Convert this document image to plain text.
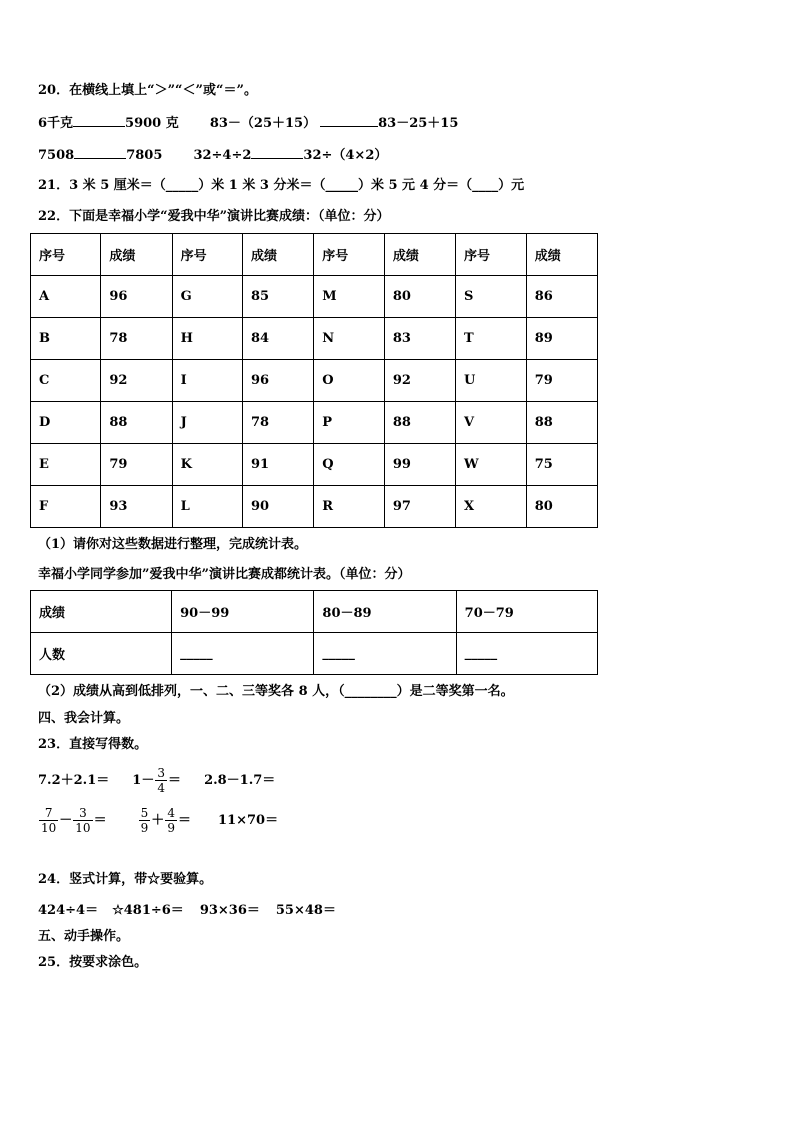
20．在横线上填上“＞”“＜”或“＝”。
6千克	5900 克 83－（25＋15）	83－25＋15
7508	7805 32÷4÷2	32÷（4×2）
21．3 米 5 厘米＝（_____）米 1 米 3 分米＝（_____）米 5 元 4 分＝（____）元
22．下面是幸福小学“爱我中华”演讲比赛成绩：（单位：分）
序号	成绩	序号	成绩	序号	成绩	序号	成绩
A	96	G	85	M	80	S	86
B	78	H	84	N	83	T	89
C	92	I	96	O	92	U	79
D	88	J	78	P	88	V	88
E	79	K	91	Q	99	W	75
F	93	L	90	R	97	X	80
（1）请你对这些数据进行整理，完成统计表。
幸福小学同学参加”爱我中华”演讲比赛成都统计表。（单位：分）
成绩	90－99	80－89	70－79
人数	_____	_____	_____
（2）成绩从高到低排列，一、二、三等奖各 8 人，（________）是二等奖第一名。
四、我会计算。
23．直接写得数。
$7.2+2.1= 1- \frac{3}{4} = 2.8-1.7=$
$\frac{7}{10} - \frac{3}{10}$ ＝	$\frac{5}{9} + \frac{4}{9} = 11\times 70=$
24．竖式计算，带☆要验算。
424÷4＝ ☆481÷6＝ 93×36＝ 55×48＝
五、动手操作。
25．按要求涂色。
